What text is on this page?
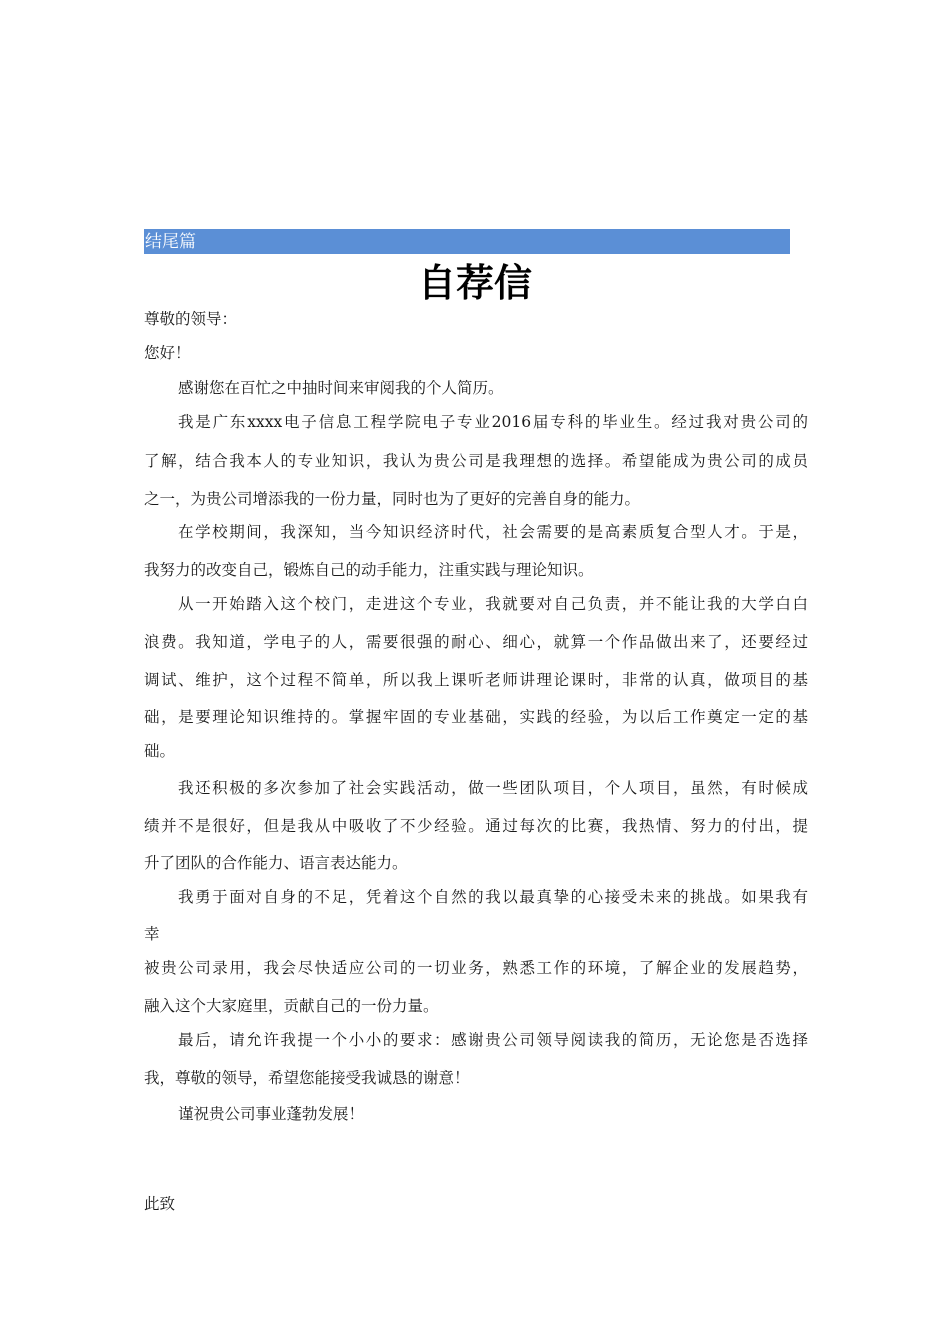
结尾篇
自荐信
尊敬的领导：
您好！
感谢您在百忙之中抽时间来审阅我的个人简历。
我是广东xxxx电子信息工程学院电子专业2016届专科的毕业生。经过我对贵公司的
了解，结合我本人的专业知识，我认为贵公司是我理想的选择。希望能成为贵公司的成员
之一，为贵公司增添我的一份力量，同时也为了更好的完善自身的能力。
在学校期间，我深知，当今知识经济时代，社会需要的是高素质复合型人才。于是，
我努力的改变自己，锻炼自己的动手能力，注重实践与理论知识。
从一开始踏入这个校门，走进这个专业，我就要对自己负责，并不能让我的大学白白
浪费。我知道，学电子的人，需要很强的耐心、细心，就算一个作品做出来了，还要经过
调试、维护，这个过程不简单，所以我上课听老师讲理论课时，非常的认真，做项目的基
础，是要理论知识维持的。掌握牢固的专业基础，实践的经验，为以后工作奠定一定的基
础。
我还积极的多次参加了社会实践活动，做一些团队项目，个人项目，虽然，有时候成
绩并不是很好，但是我从中吸收了不少经验。通过每次的比赛，我热情、努力的付出，提
升了团队的合作能力、语言表达能力。
我勇于面对自身的不足，凭着这个自然的我以最真挚的心接受未来的挑战。如果我有
幸
被贵公司录用，我会尽快适应公司的一切业务，熟悉工作的环境，了解企业的发展趋势，
融入这个大家庭里，贡献自己的一份力量。
最后，请允许我提一个小小的要求：感谢贵公司领导阅读我的简历，无论您是否选择
我，尊敬的领导，希望您能接受我诚恳的谢意！
谨祝贵公司事业蓬勃发展！
此致
